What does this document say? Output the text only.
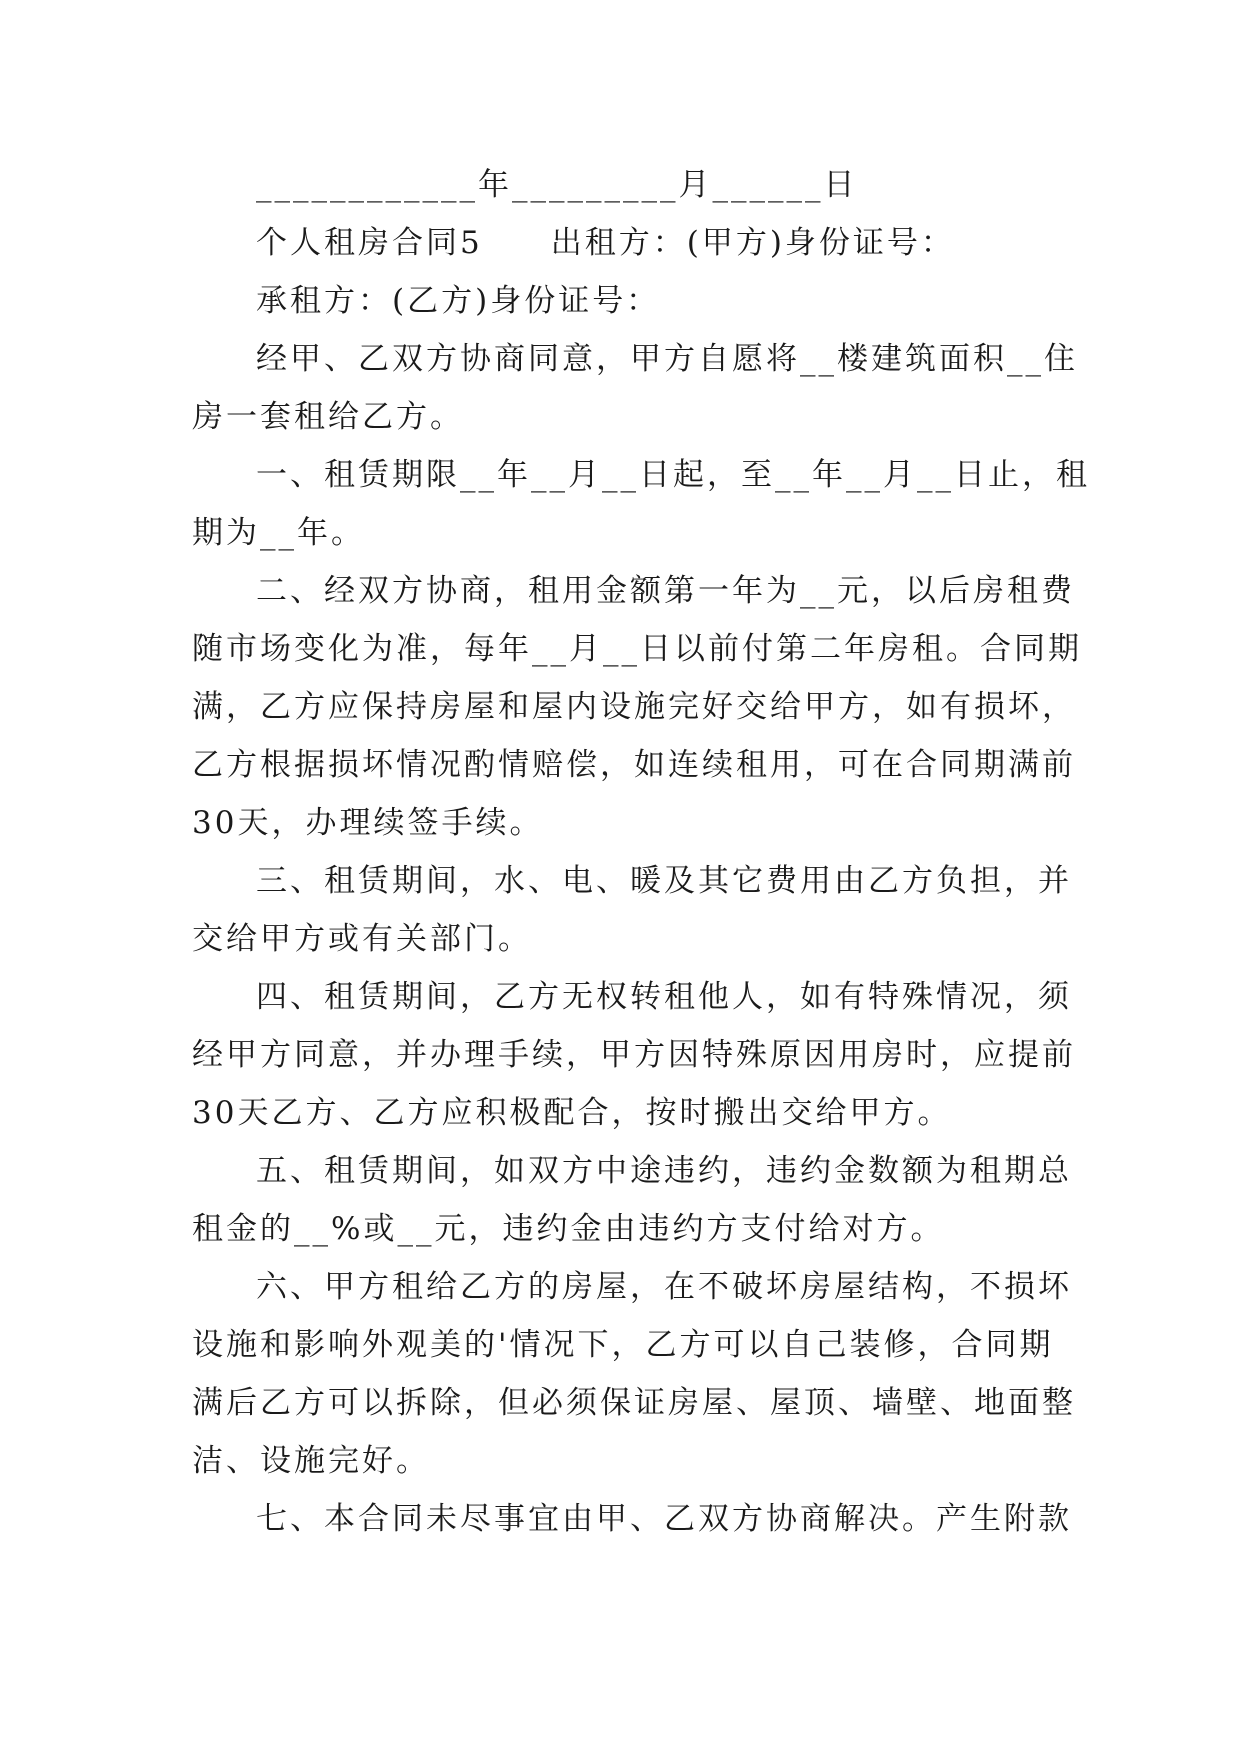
____________年_________月______日
个人租房合同5　　出租方：(甲方)身份证号：
承租方：(乙方)身份证号：
经甲、乙双方协商同意，甲方自愿将__楼建筑面积__住
房一套租给乙方。
一、租赁期限__年__月__日起，至__年__月__日止，租
期为__年。
二、经双方协商，租用金额第一年为__元，以后房租费
随市场变化为准，每年__月__日以前付第二年房租。合同期
满，乙方应保持房屋和屋内设施完好交给甲方，如有损坏，
乙方根据损坏情况酌情赔偿，如连续租用，可在合同期满前
30天，办理续签手续。
三、租赁期间，水、电、暖及其它费用由乙方负担，并
交给甲方或有关部门。
四、租赁期间，乙方无权转租他人，如有特殊情况，须
经甲方同意，并办理手续，甲方因特殊原因用房时，应提前
30天乙方、乙方应积极配合，按时搬出交给甲方。
五、租赁期间，如双方中途违约，违约金数额为租期总
租金的__%或__元，违约金由违约方支付给对方。
六、甲方租给乙方的房屋，在不破坏房屋结构，不损坏
设施和影响外观美的'情况下，乙方可以自己装修，合同期
满后乙方可以拆除，但必须保证房屋、屋顶、墙壁、地面整
洁、设施完好。
七、本合同未尽事宜由甲、乙双方协商解决。产生附款
